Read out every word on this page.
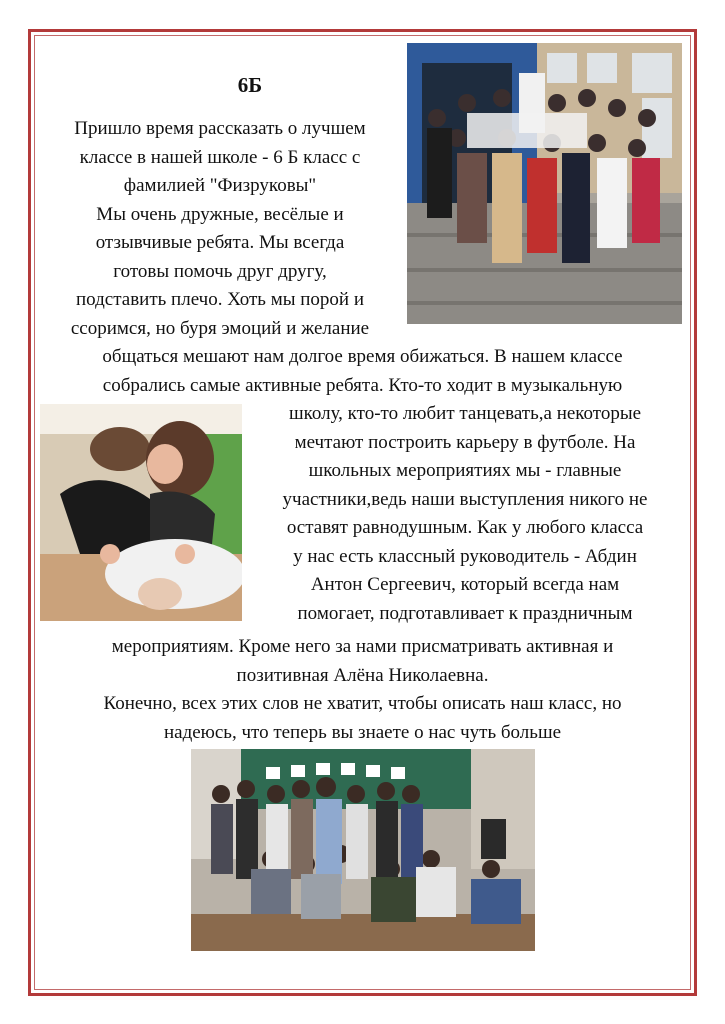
6Б
Пришло время рассказать о лучшем
классе в нашей школе - 6 Б класс с
фамилией "Физруковы"
Мы очень дружные, весёлые и
отзывчивые ребята. Мы всегда
готовы помочь друг другу,
подставить плечо. Хоть мы порой и
ссоримся, но буря эмоций и желание
общаться мешают нам долгое время обижаться. В нашем классе
собрались самые активные ребята. Кто-то ходит в музыкальную
школу, кто-то любит танцевать,а некоторые
мечтают построить карьеру в футболе. На
школьных мероприятиях мы - главные
участники,ведь наши выступления никого не
оставят равнодушным. Как у любого класса
у нас есть классный руководитель - Абдин
Антон Сергеевич, который всегда нам
помогает, подготавливает к праздничным
мероприятиям. Кроме него за нами присматривать активная и
позитивная Алёна Николаевна.
Конечно, всех этих слов не хватит, чтобы описать наш класс, но
надеюсь, что теперь вы знаете о нас чуть больше
